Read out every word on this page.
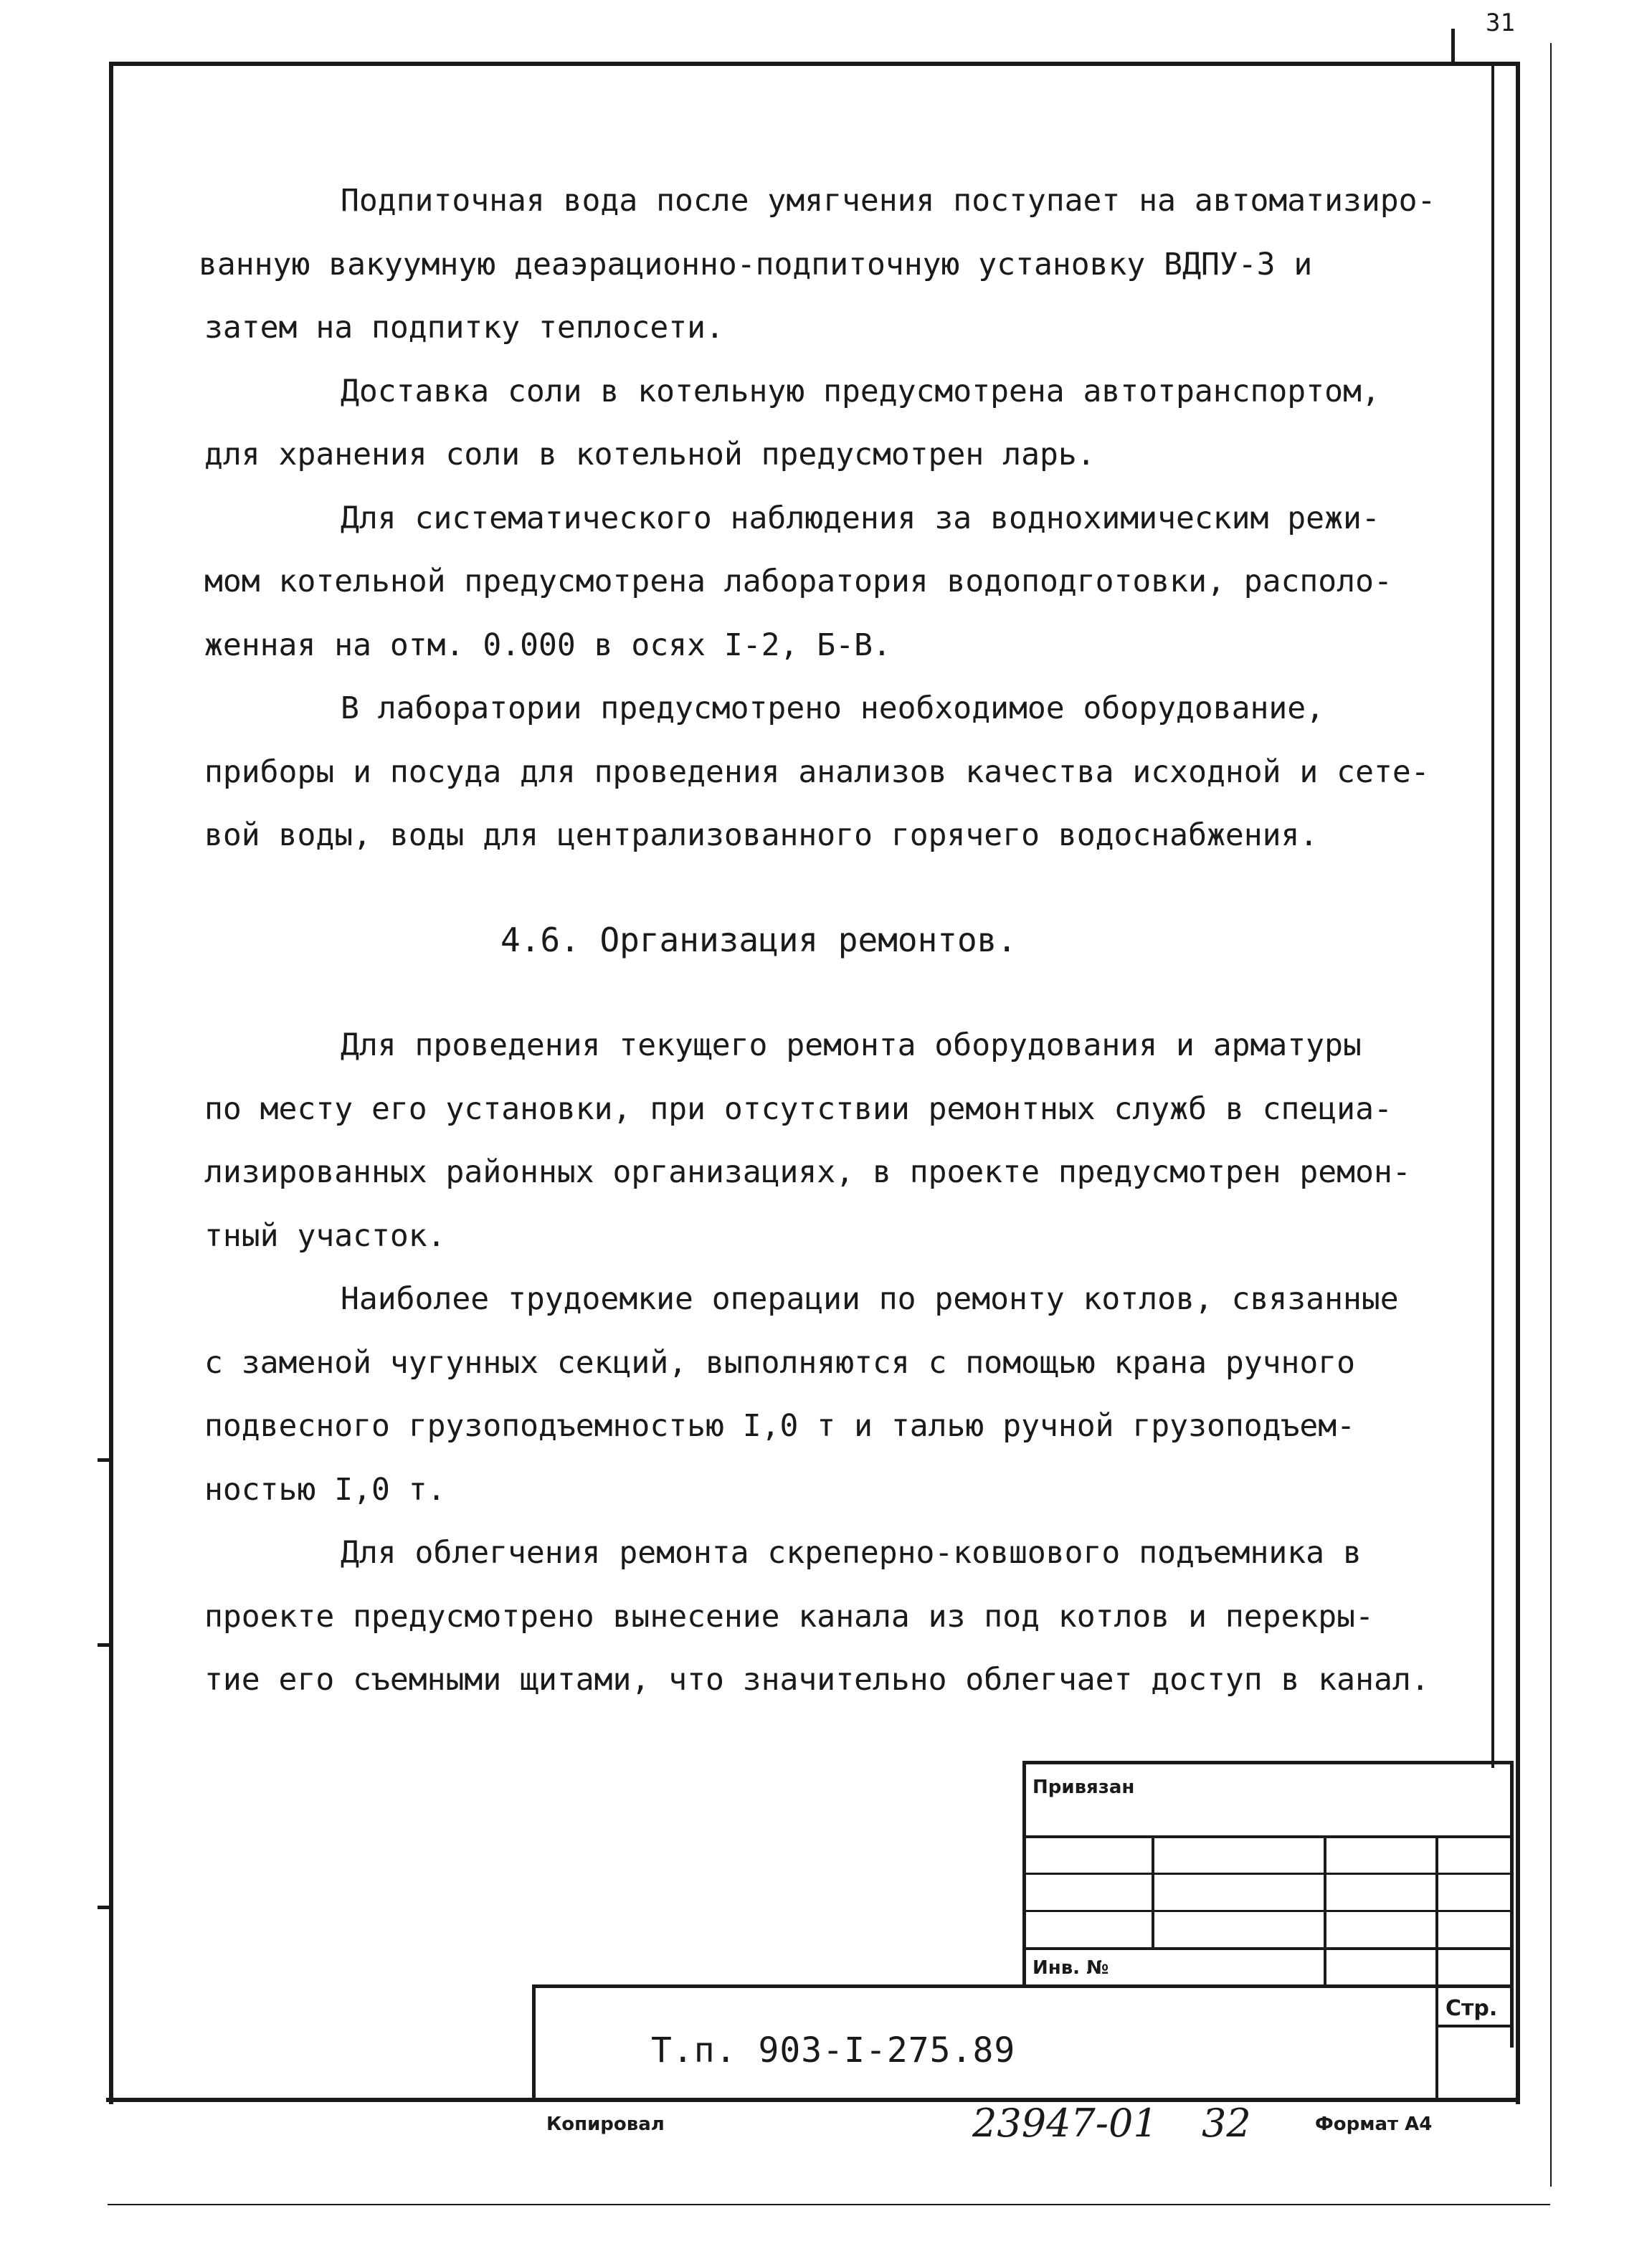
31

Подпиточная вода после умягчения поступает на автоматизиро-

ванную вакуумную деаэрационно-подпиточную установку ВДПУ-3 и

затем на подпитку теплосети.

Доставка соли в котельную предусмотрена автотранспортом,

для хранения соли в котельной предусмотрен ларь.

Для систематического наблюдения за воднохимическим режи-

мом котельной предусмотрена лаборатория водоподготовки, располо-

женная на отм. 0.000 в осях I-2, Б-В.

В лаборатории предусмотрено необходимое оборудование,

приборы и посуда для проведения анализов качества исходной и сете-

вой воды, воды для централизованного горячего водоснабжения.

4.6. Организация ремонтов.

Для проведения текущего ремонта оборудования и арматуры

по месту его установки, при отсутствии ремонтных служб в специа-

лизированных районных организациях, в проекте предусмотрен ремон-

тный участок.

Наиболее трудоемкие операции по ремонту котлов, связанные

с заменой чугунных секций, выполняются с помощью крана ручного

подвесного грузоподъемностью I,0 т и талью ручной грузоподъем-

ностью I,0 т.

Для облегчения ремонта скреперно-ковшового подъемника в

проекте предусмотрено вынесение канала из под котлов и перекры-

тие его съемными щитами, что значительно облегчает доступ в канал.

Привязан
Инв. №
Стр.
Т.п. 903-I-275.89
Копировал	23947-01 32	Формат А4
